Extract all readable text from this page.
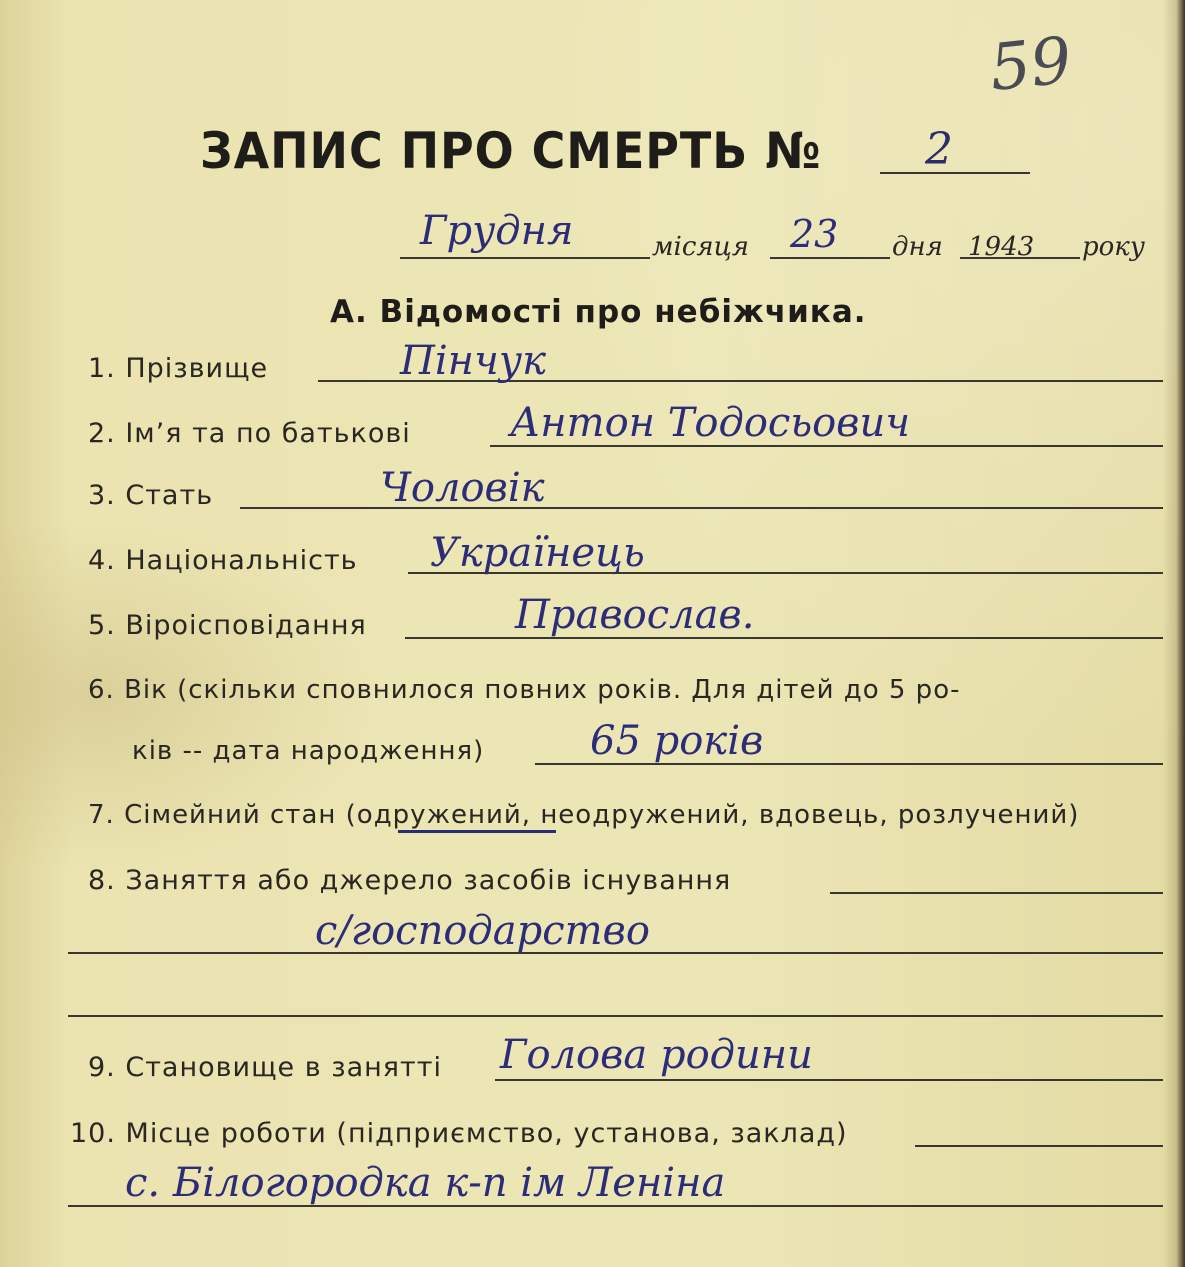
59
ЗАПИС ПРО СМЕРТЬ № 2
Грудня	місяця 23 дня 1943 року
А. Відомості про небіжчика.
1. Прізвище	Пінчук
2. Ім’я та по батькові Антон Тодосьович
3. Стать	Чоловік
4. Національність Українець
5. Віроісповідання	Православ.
6. Вік (скільки сповнилося повних років. Для дітей до 5 ро-
ків -- дата народження)	65 років
7. Сімейний стан (одружений, неодружений, вдовець, розлучений)
8. Заняття або джерело засобів існування
с/господарство
9. Становище в занятті Голова родини
10. Місце роботи (підприємство, установа, заклад)
с. Білогородка к-п ім Леніна
